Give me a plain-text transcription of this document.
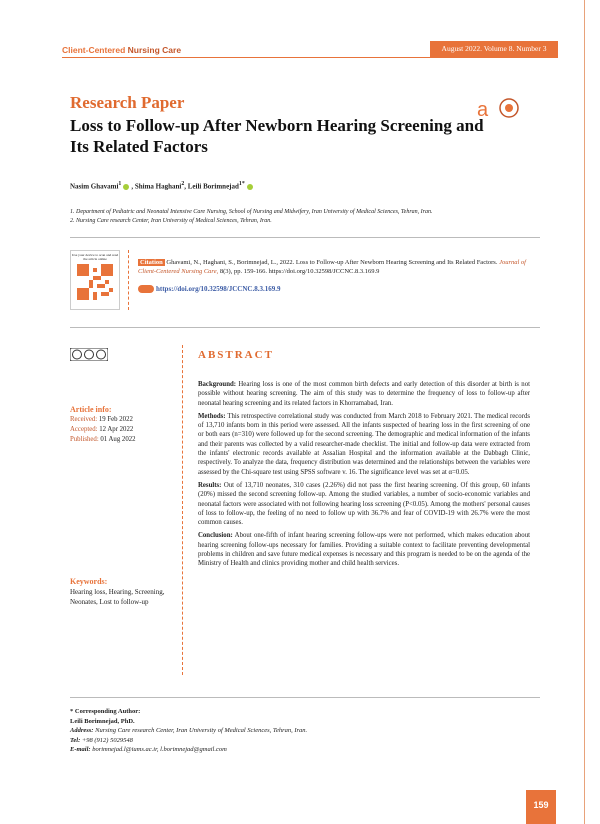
Client-Centered Nursing Care	August 2022. Volume 8. Number 3
Research Paper
Loss to Follow-up After Newborn Hearing Screening and Its Related Factors
a
Nasim Ghavami$^1$ , Shima Haghani$^2$, Leili Borimnejad$^{1*}$
1. Department of Pediatric and Neonatal Intensive Care Nursing, School of Nursing and Midwifery, Iran University of Medical Sciences, Tehran, Iran.
2. Nursing Care research Center, Iran University of Medical Sciences, Tehran, Iran.
Use your device to scan and read the article online	Citation Ghavami, N., Haghani, S., Borimnejad, L., 2022. Loss to Follow-up After Newborn Hearing Screening and Its Related Factors. Journal of Client-Centered Nursing Care, 8(3), pp. 159-166. https://doi.org/10.32598/JCCNC.8.3.169.9
https://doi.org/10.32598/JCCNC.8.3.169.9
Article info:
Received: 19 Feb 2022
Accepted: 12 Apr 2022
Published: 01 Aug 2022
Keywords:
Hearing loss, Hearing, Screening, Neonates, Lost to follow-up
ABSTRACT

Background: Hearing loss is one of the most common birth defects and early detection of this disorder at birth is not possible without hearing screening. The aim of this study was to determine the frequency of loss to follow-up after neonatal hearing screening and its related factors in Khorramabad, Iran.

Methods: This retrospective correlational study was conducted from March 2018 to February 2021. The medical records of 13,710 infants born in this period were assessed. All the infants suspected of hearing loss in the first screening of one or both ears (n=310) were followed up for the second screening. The demographic and medical information of the infants and their parents was collected by a valid researcher-made checklist. The initial and follow-up data were extracted from the infants' electronic records available at Assalian Hospital and the information available at the Dabbagh Clinic, respectively. To analyze the data, frequency distribution was determined and the relationships between the variables were assessed by the Chi-square test using SPSS software v. 16. The significance level was set at α=0.05.

Results: Out of 13,710 neonates, 310 cases (2.26%) did not pass the first hearing screening. Of this group, 60 infants (20%) missed the second screening follow-up. Among the studied variables, a number of socio-economic variables and neonatal factors were associated with not following hearing loss screening (P<0.05). Among the mothers' personal causes of loss to follow-up, the feeling of no need to follow up with 36.7% and fear of COVID-19 with 26.7% were the most common causes.

Conclusion: About one-fifth of infant hearing screening follow-ups were not performed, which makes education about hearing screening follow-ups necessary for families. Providing a suitable context to facilitate preventing developmental problems in children and save future medical expenses is necessary and this program is needed to be on the agenda of the Ministry of Health and clinics providing mother and child health services.

* Corresponding Author:
Leili Borimnejad, PhD.
Address: Nursing Care research Center, Iran University of Medical Sciences, Tehran, Iran.
Tel: +98 (912) 5029548
E-mail: borimnejad.l@iums.ac.ir, l.borimnejad@gmail.com
159
